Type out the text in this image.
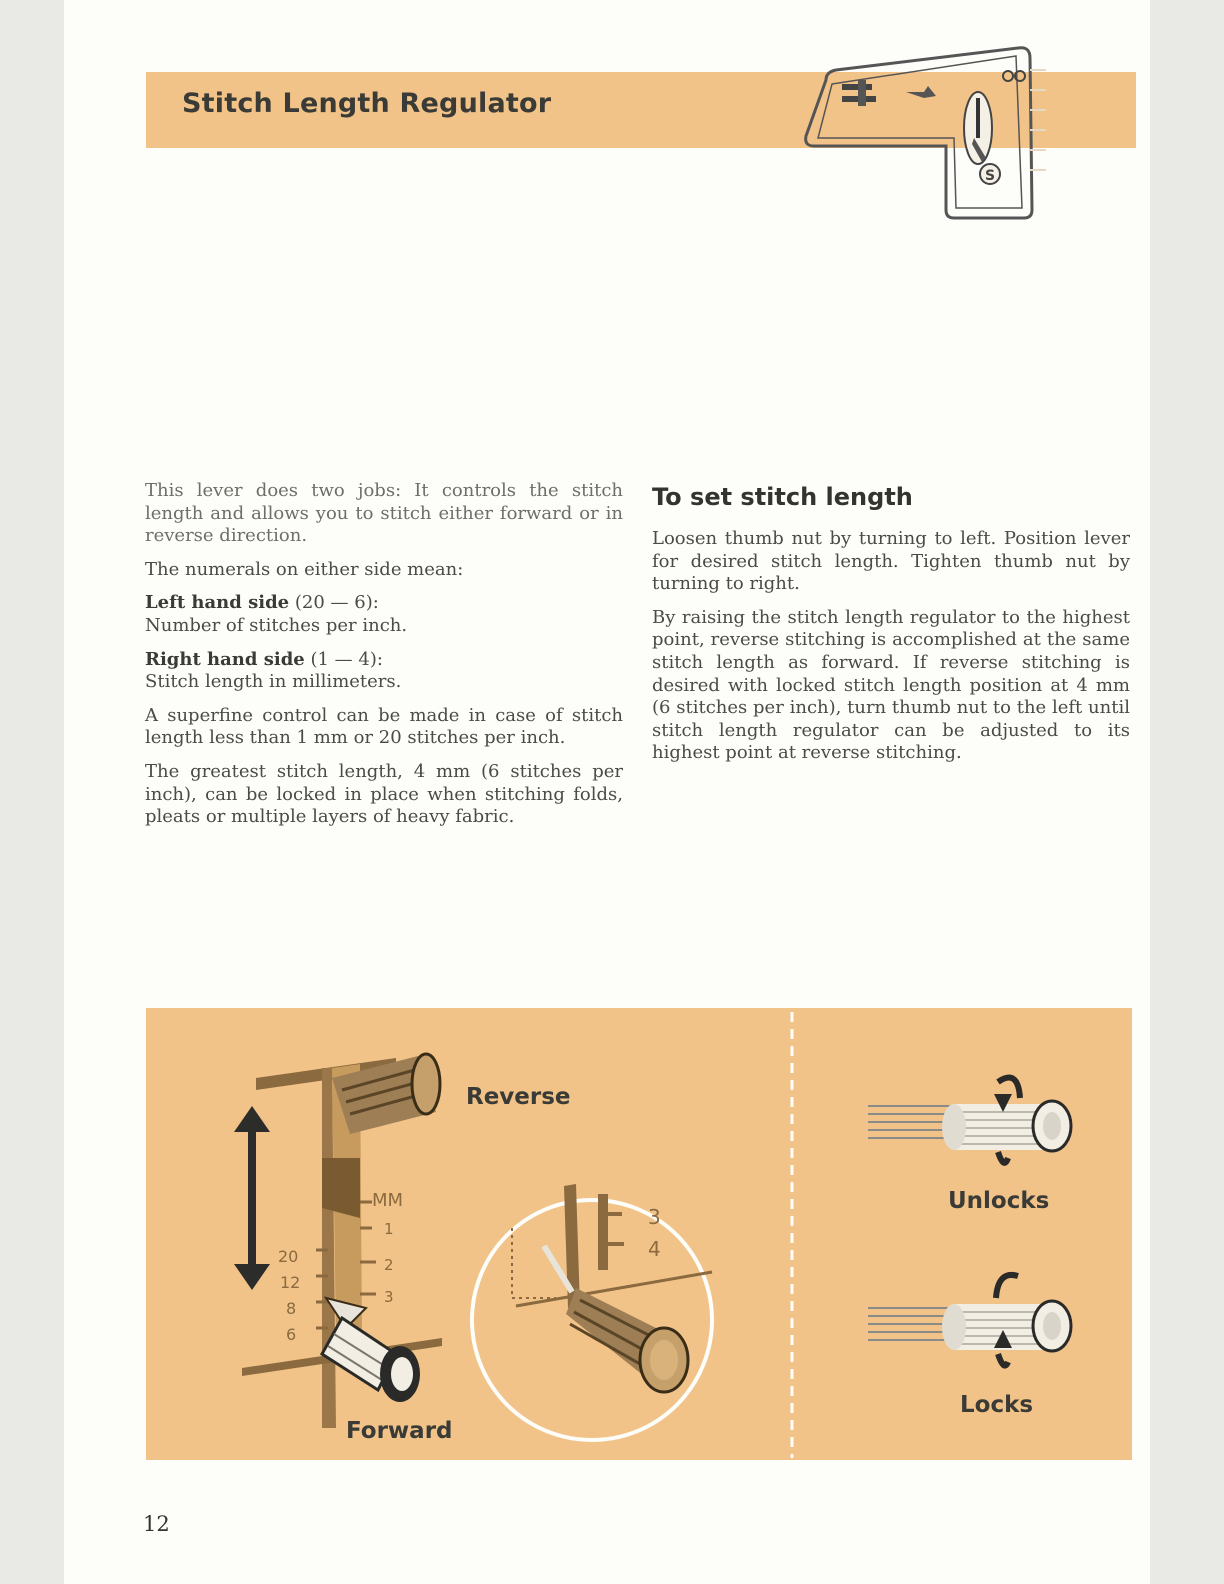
Stitch Length Regulator
S

This lever does two jobs: It controls the stitch length and allows you to stitch either forward or in reverse direction.

The numerals on either side mean:

Left hand side (20 — 6):
Number of stitches per inch.

Right hand side (1 — 4):
Stitch length in millimeters.

A superfine control can be made in case of stitch length less than 1 mm or 20 stitches per inch.

The greatest stitch length, 4 mm (6 stitches per inch), can be locked in place when stitching folds, pleats or multiple layers of heavy fabric.

To set stitch length

Loosen thumb nut by turning to left. Position lever for desired stitch length. Tighten thumb nut by turning to right.

By raising the stitch length regulator to the highest point, reverse stitching is accomplished at the same stitch length as forward. If reverse stitching is desired with locked stitch length position at 4 mm (6 stitches per inch), turn thumb nut to the left until stitch length regulator can be adjusted to its highest point at reverse stitching.

MM
1
2
3
20
12
8
6
3
4
Reverse
Forward
Unlocks
Locks
12
